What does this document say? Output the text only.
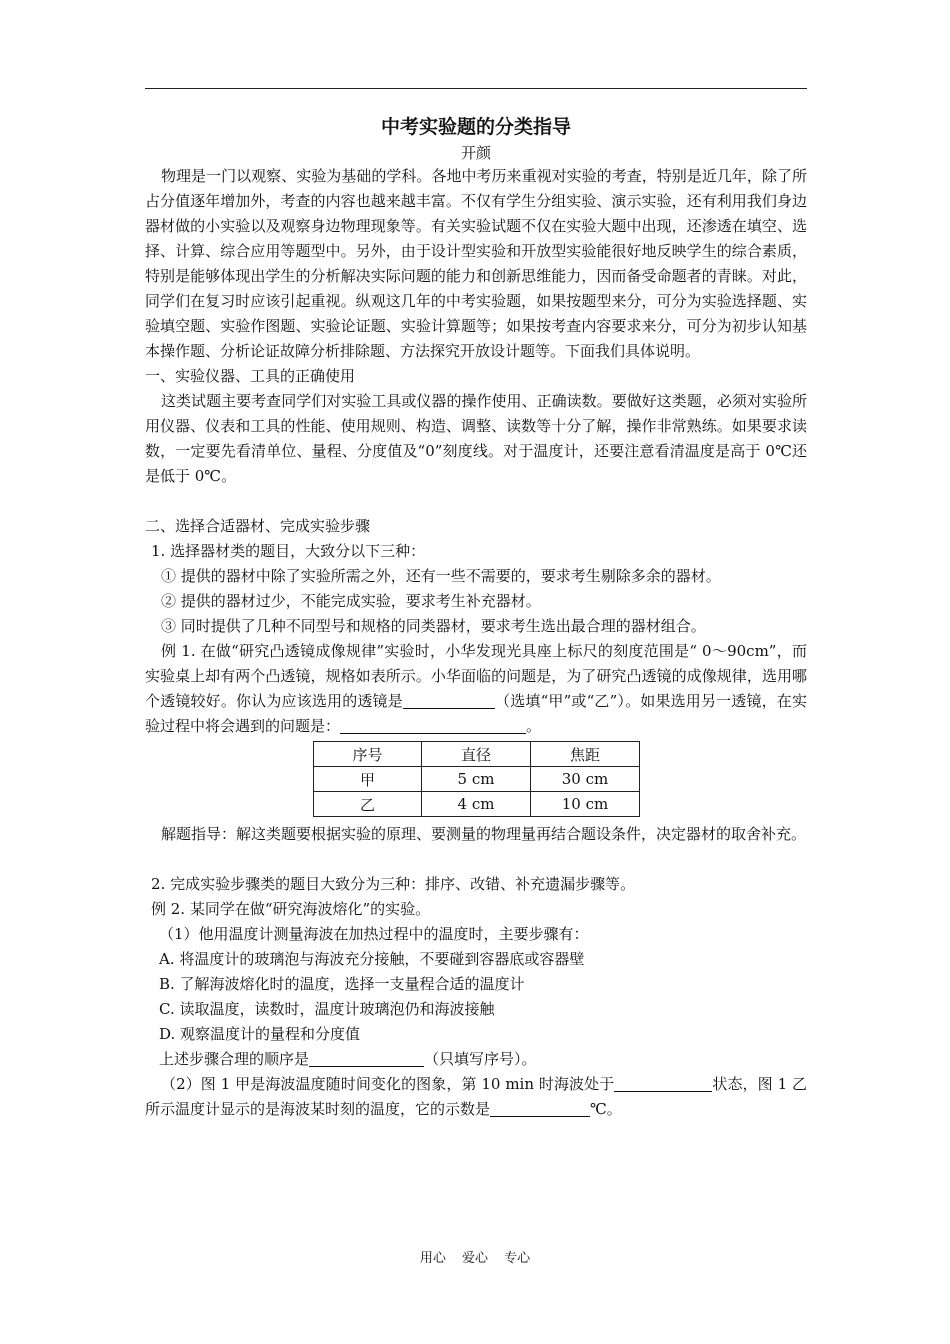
中考实验题的分类指导
开颜

物理是一门以观察、实验为基础的学科。各地中考历来重视对实验的考查，特别是近几年，除了所占分值逐年增加外，考查的内容也越来越丰富。不仅有学生分组实验、演示实验，还有利用我们身边器材做的小实验以及观察身边物理现象等。有关实验试题不仅在实验大题中出现，还渗透在填空、选择、计算、综合应用等题型中。另外，由于设计型实验和开放型实验能很好地反映学生的综合素质，特别是能够体现出学生的分析解决实际问题的能力和创新思维能力，因而备受命题者的青睐。对此，同学们在复习时应该引起重视。纵观这几年的中考实验题，如果按题型来分，可分为实验选择题、实验填空题、实验作图题、实验论证题、实验计算题等；如果按考查内容要求来分，可分为初步认知基本操作题、分析论证故障分析排除题、方法探究开放设计题等。下面我们具体说明。

一、实验仪器、工具的正确使用

这类试题主要考查同学们对实验工具或仪器的操作使用、正确读数。要做好这类题，必须对实验所用仪器、仪表和工具的性能、使用规则、构造、调整、读数等十分了解，操作非常熟练。如果要求读数，一定要先看清单位、量程、分度值及“0”刻度线。对于温度计，还要注意看清温度是高于 0℃还是低于 0℃。

二、选择合适器材、完成实验步骤

1. 选择器材类的题目，大致分以下三种：

① 提供的器材中除了实验所需之外，还有一些不需要的，要求考生剔除多余的器材。

② 提供的器材过少，不能完成实验，要求考生补充器材。

③ 同时提供了几种不同型号和规格的同类器材，要求考生选出最合理的器材组合。

例 1. 在做“研究凸透镜成像规律”实验时，小华发现光具座上标尺的刻度范围是“ 0～90cm”，而实验桌上却有两个凸透镜，规格如表所示。小华面临的问题是，为了研究凸透镜的成像规律，选用哪个透镜较好。你认为应该选用的透镜是	（选填“甲”或“乙”）。如果选用另一透镜，在实验过程中将会遇到的问题是：	。

序号	直径	焦距
甲	5 cm	30 cm
乙	4 cm	10 cm

解题指导：解这类题要根据实验的原理、要测量的物理量再结合题设条件，决定器材的取舍补充。

2. 完成实验步骤类的题目大致分为三种：排序、改错、补充遗漏步骤等。

例 2. 某同学在做“研究海波熔化”的实验。

（1）他用温度计测量海波在加热过程中的温度时，主要步骤有：

A. 将温度计的玻璃泡与海波充分接触，不要碰到容器底或容器壁

B. 了解海波熔化时的温度，选择一支量程合适的温度计

C. 读取温度，读数时，温度计玻璃泡仍和海波接触

D. 观察温度计的量程和分度值

上述步骤合理的顺序是	（只填写序号）。

（2）图 1 甲是海波温度随时间变化的图象，第 10 min 时海波处于	状态，图 1 乙所示温度计显示的是海波某时刻的温度，它的示数是	℃。

用心 爱心 专心
